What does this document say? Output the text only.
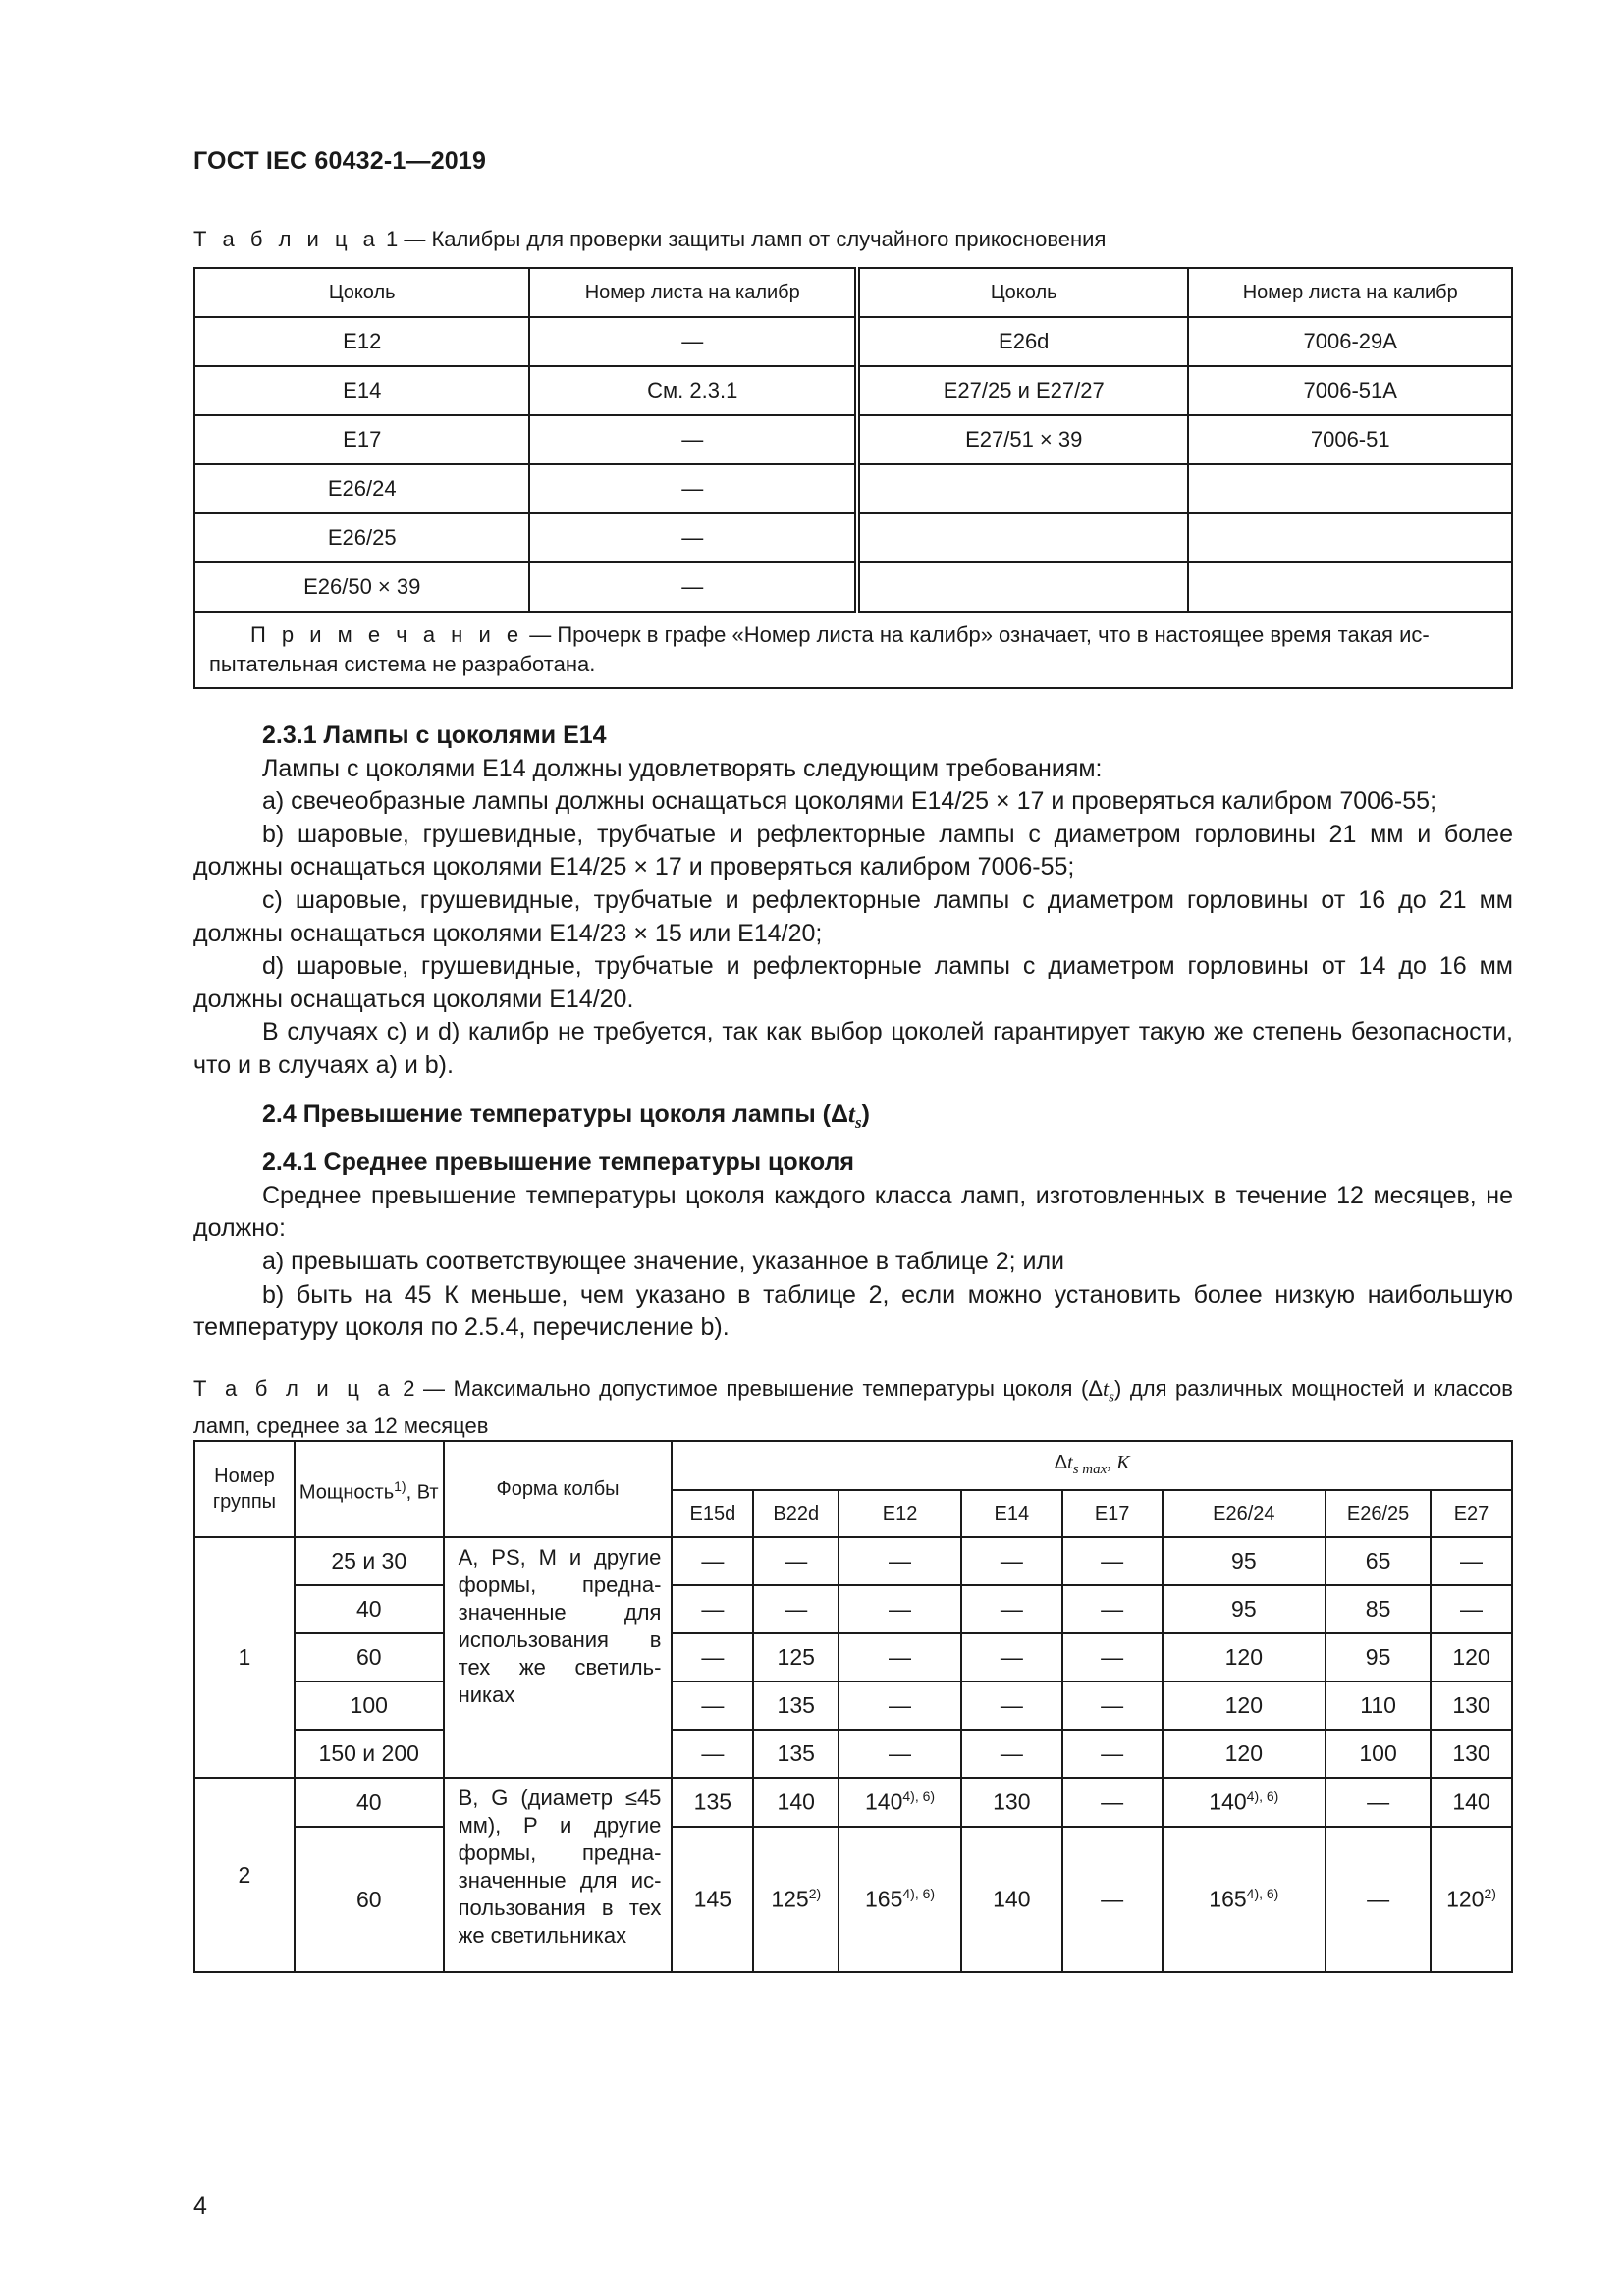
ГОСТ IEC 60432-1—2019
Т а б л и ц а 1 — Калибры для проверки защиты ламп от случайного прикосновения
Цоколь	Номер листа на калибр	Цоколь	Номер листа на калибр
E12	—	E26d	7006-29A
E14	См. 2.3.1	E27/25 и E27/27	7006-51A
E17	—	E27/51 × 39	7006-51
E26/24	—		
E26/25	—		
E26/50 × 39	—		
П р и м е ч а н и е — Прочерк в графе «Номер листа на калибр» означает, что в настоящее время такая испытательная система не разработана.			

2.3.1 Лампы с цоколями E14

Лампы с цоколями E14 должны удовлетворять следующим требованиям:

a) свечеобразные лампы должны оснащаться цоколями E14/25 × 17 и проверяться калибром 7006-55;

b) шаровые, грушевидные, трубчатые и рефлекторные лампы с диаметром горловины 21 мм и более должны оснащаться цоколями E14/25 × 17 и проверяться калибром 7006-55;

c) шаровые, грушевидные, трубчатые и рефлекторные лампы с диаметром горловины от 16 до 21 мм должны оснащаться цоколями E14/23 × 15 или E14/20;

d) шаровые, грушевидные, трубчатые и рефлекторные лампы с диаметром горловины от 14 до 16 мм должны оснащаться цоколями E14/20.

В случаях c) и d) калибр не требуется, так как выбор цоколей гарантирует такую же степень безопасности, что и в случаях a) и b).

2.4 Превышение температуры цоколя лампы $(\Delta t_s)$

2.4.1 Среднее превышение температуры цоколя

Среднее превышение температуры цоколя каждого класса ламп, изготовленных в течение 12 месяцев, не должно:

a) превышать соответствующее значение, указанное в таблице 2; или

b) быть на 45 К меньше, чем указано в таблице 2, если можно установить более низкую наибольшую температуру цоколя по 2.5.4, перечисление b).

Т а б л и ц а 2 — Максимально допустимое превышение температуры цоколя $(\Delta t_s)$ для различных мощностей и классов ламп, среднее за 12 месяцев
Номер группы	Мощность$^{1)}$, Вт	Форма колбы	$\Delta t_{s max}$, K							
			E15d	B22d	E12	E14	E17	E26/24	E26/25	E27
1	25 и 30	A, PS, M и другие формы, предназначенные для использования в тех же светильниках	—	—	—	—	—	95	65	—
	40		—	—	—	—	—	95	85	—
	60		—	125	—	—	—	120	95	120
	100		—	135	—	—	—	120	110	130
	150 и 200		—	135	—	—	—	120	100	130
2	40	B, G (диаметр ≤45 мм), P и другие формы, предназначенные для использования в тех же светильниках	135	140	$140^{4), 6)}$	130	—	$140^{4), 6)}$	—	140
	60		145	125$^{2)}$	$165^{4), 6)}$	140	—	$165^{4), 6)}$	—	120$^{2)}$
4
